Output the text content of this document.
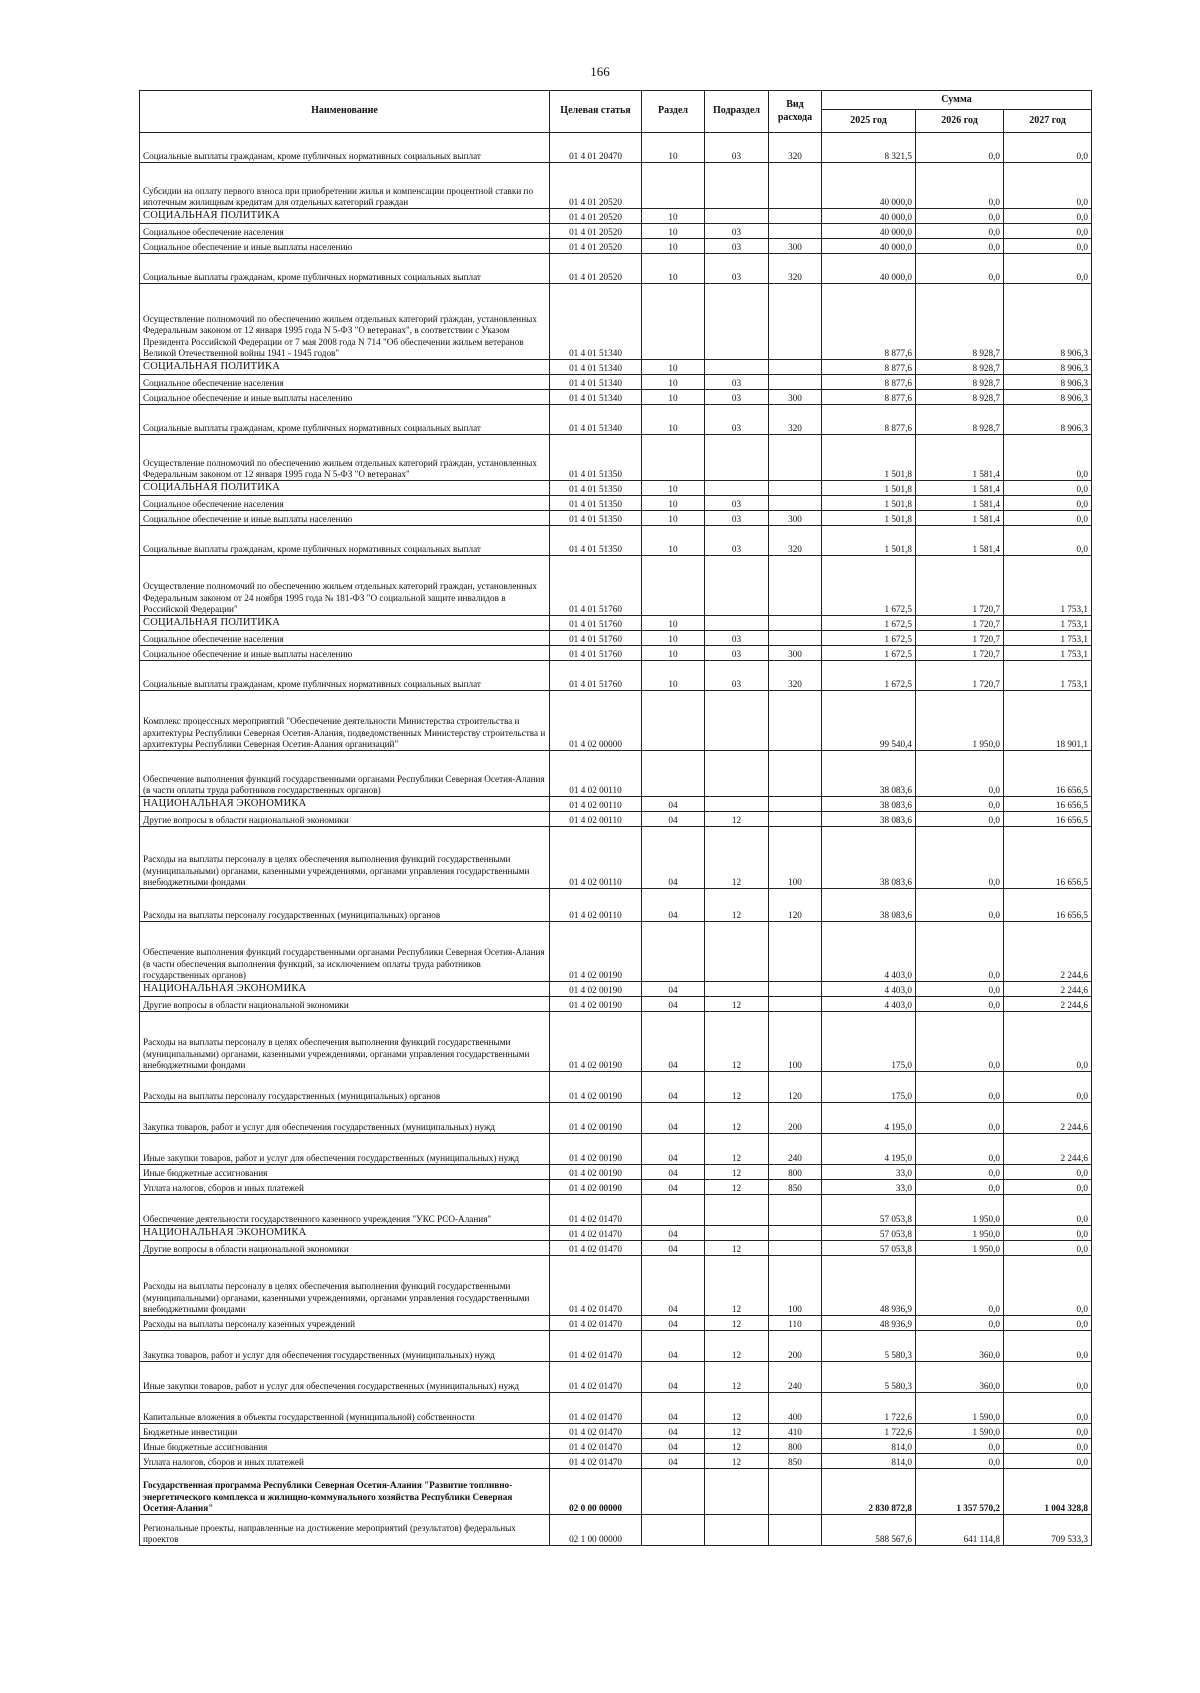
166
Наименование	Целевая статья	Раздел	Подраздел	Вид расхода	Сумма		
					2025 год	2026 год	2027 год
Социальные выплаты гражданам, кроме публичных нормативных социальных выплат	01 4 01 20470	10	03	320	8 321,5	0,0	0,0
Субсидии на оплату первого взноса при приобретении жилья и компенсации процентной ставки по ипотечным жилищным кредитам для отдельных категорий граждан	01 4 01 20520				40 000,0	0,0	0,0
СОЦИАЛЬНАЯ ПОЛИТИКА	01 4 01 20520	10			40 000,0	0,0	0,0
Социальное обеспечение населения	01 4 01 20520	10	03		40 000,0	0,0	0,0
Социальное обеспечение и иные выплаты населению	01 4 01 20520	10	03	300	40 000,0	0,0	0,0
Социальные выплаты гражданам, кроме публичных нормативных социальных выплат	01 4 01 20520	10	03	320	40 000,0	0,0	0,0
Осуществление полномочий по обеспечению жильем отдельных категорий граждан, установленных Федеральным законом от 12 января 1995 года N 5-ФЗ "О ветеранах", в соответствии с Указом Президента Российской Федерации от 7 мая 2008 года N 714 "Об обеспечении жильем ветеранов Великой Отечественной войны 1941 - 1945 годов"	01 4 01 51340				8 877,6	8 928,7	8 906,3
СОЦИАЛЬНАЯ ПОЛИТИКА	01 4 01 51340	10			8 877,6	8 928,7	8 906,3
Социальное обеспечение населения	01 4 01 51340	10	03		8 877,6	8 928,7	8 906,3
Социальное обеспечение и иные выплаты населению	01 4 01 51340	10	03	300	8 877,6	8 928,7	8 906,3
Социальные выплаты гражданам, кроме публичных нормативных социальных выплат	01 4 01 51340	10	03	320	8 877,6	8 928,7	8 906,3
Осуществление полномочий по обеспечению жильем отдельных категорий граждан, установленных Федеральным законом от 12 января 1995 года N 5-ФЗ "О ветеранах"	01 4 01 51350				1 501,8	1 581,4	0,0
СОЦИАЛЬНАЯ ПОЛИТИКА	01 4 01 51350	10			1 501,8	1 581,4	0,0
Социальное обеспечение населения	01 4 01 51350	10	03		1 501,8	1 581,4	0,0
Социальное обеспечение и иные выплаты населению	01 4 01 51350	10	03	300	1 501,8	1 581,4	0,0
Социальные выплаты гражданам, кроме публичных нормативных социальных выплат	01 4 01 51350	10	03	320	1 501,8	1 581,4	0,0
Осуществление полномочий по обеспечению жильем отдельных категорий граждан, установленных Федеральным законом от 24 ноября 1995 года № 181-ФЗ "О социальной защите инвалидов в Российской Федерации"	01 4 01 51760				1 672,5	1 720,7	1 753,1
СОЦИАЛЬНАЯ ПОЛИТИКА	01 4 01 51760	10			1 672,5	1 720,7	1 753,1
Социальное обеспечение населения	01 4 01 51760	10	03		1 672,5	1 720,7	1 753,1
Социальное обеспечение и иные выплаты населению	01 4 01 51760	10	03	300	1 672,5	1 720,7	1 753,1
Социальные выплаты гражданам, кроме публичных нормативных социальных выплат	01 4 01 51760	10	03	320	1 672,5	1 720,7	1 753,1
Комплекс процессных мероприятий "Обеспечение деятельности Министерства строительства и архитектуры Республики Северная Осетия-Алания, подведомственных Министерству строительства и архитектуры Республики Северная Осетия-Алания организаций"	01 4 02 00000				99 540,4	1 950,0	18 901,1
Обеспечение выполнения функций государственными органами Республики Северная Осетия-Алания (в части оплаты труда работников государственных органов)	01 4 02 00110				38 083,6	0,0	16 656,5
НАЦИОНАЛЬНАЯ ЭКОНОМИКА	01 4 02 00110	04			38 083,6	0,0	16 656,5
Другие вопросы в области национальной экономики	01 4 02 00110	04	12		38 083,6	0,0	16 656,5
Расходы на выплаты персоналу в целях обеспечения выполнения функций государственными (муниципальными) органами, казенными учреждениями, органами управления государственными внебюджетными фондами	01 4 02 00110	04	12	100	38 083,6	0,0	16 656,5
Расходы на выплаты персоналу государственных (муниципальных) органов	01 4 02 00110	04	12	120	38 083,6	0,0	16 656,5
Обеспечение выполнения функций государственными органами Республики Северная Осетия-Алания (в части обеспечения выполнения функций, за исключением оплаты труда работников государственных органов)	01 4 02 00190				4 403,0	0,0	2 244,6
НАЦИОНАЛЬНАЯ ЭКОНОМИКА	01 4 02 00190	04			4 403,0	0,0	2 244,6
Другие вопросы в области национальной экономики	01 4 02 00190	04	12		4 403,0	0,0	2 244,6
Расходы на выплаты персоналу в целях обеспечения выполнения функций государственными (муниципальными) органами, казенными учреждениями, органами управления государственными внебюджетными фондами	01 4 02 00190	04	12	100	175,0	0,0	0,0
Расходы на выплаты персоналу государственных (муниципальных) органов	01 4 02 00190	04	12	120	175,0	0,0	0,0
Закупка товаров, работ и услуг для обеспечения государственных (муниципальных) нужд	01 4 02 00190	04	12	200	4 195,0	0,0	2 244,6
Иные закупки товаров, работ и услуг для обеспечения государственных (муниципальных) нужд	01 4 02 00190	04	12	240	4 195,0	0,0	2 244,6
Иные бюджетные ассигнования	01 4 02 00190	04	12	800	33,0	0,0	0,0
Уплата налогов, сборов и иных платежей	01 4 02 00190	04	12	850	33,0	0,0	0,0
Обеспечение деятельности государственного казенного учреждения "УКС РСО-Алания"	01 4 02 01470				57 053,8	1 950,0	0,0
НАЦИОНАЛЬНАЯ ЭКОНОМИКА	01 4 02 01470	04			57 053,8	1 950,0	0,0
Другие вопросы в области национальной экономики	01 4 02 01470	04	12		57 053,8	1 950,0	0,0
Расходы на выплаты персоналу в целях обеспечения выполнения функций государственными (муниципальными) органами, казенными учреждениями, органами управления государственными внебюджетными фондами	01 4 02 01470	04	12	100	48 936,9	0,0	0,0
Расходы на выплаты персоналу казенных учреждений	01 4 02 01470	04	12	110	48 936,9	0,0	0,0
Закупка товаров, работ и услуг для обеспечения государственных (муниципальных) нужд	01 4 02 01470	04	12	200	5 580,3	360,0	0,0
Иные закупки товаров, работ и услуг для обеспечения государственных (муниципальных) нужд	01 4 02 01470	04	12	240	5 580,3	360,0	0,0
Капитальные вложения в объекты государственной (муниципальной) собственности	01 4 02 01470	04	12	400	1 722,6	1 590,0	0,0
Бюджетные инвестиции	01 4 02 01470	04	12	410	1 722,6	1 590,0	0,0
Иные бюджетные ассигнования	01 4 02 01470	04	12	800	814,0	0,0	0,0
Уплата налогов, сборов и иных платежей	01 4 02 01470	04	12	850	814,0	0,0	0,0
Государственная программа Республики Северная Осетия-Алания "Развитие топливно-энергетического комплекса и жилищно-коммунального хозяйства Республики Северная Осетия-Алания"	02 0 00 00000				2 830 872,8	1 357 570,2	1 004 328,8
Региональные проекты, направленные на достижение мероприятий (результатов) федеральных проектов	02 1 00 00000				588 567,6	641 114,8	709 533,3
